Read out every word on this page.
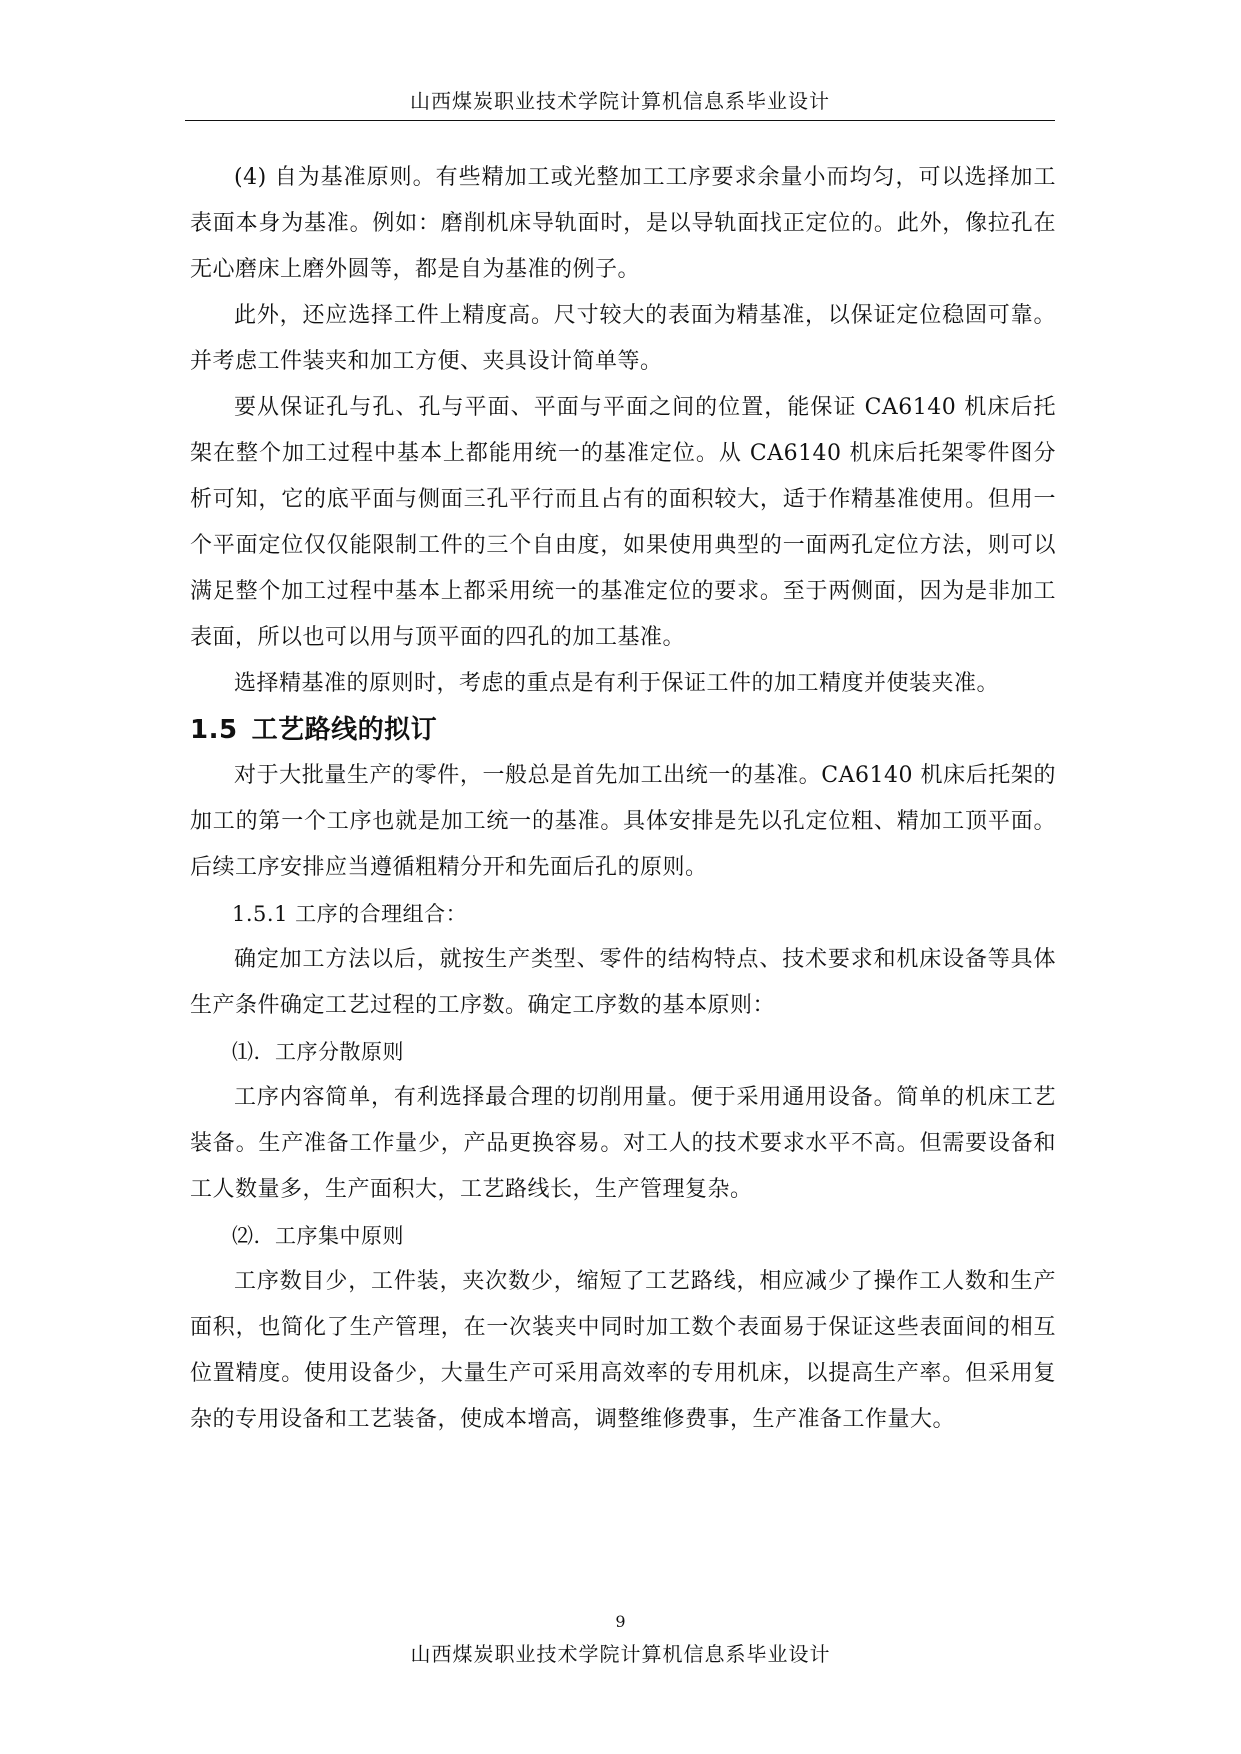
山西煤炭职业技术学院计算机信息系毕业设计

(4) 自为基准原则。有些精加工或光整加工工序要求余量小而均匀，可以选择加工表面本身为基准。例如：磨削机床导轨面时，是以导轨面找正定位的。此外，像拉孔在无心磨床上磨外圆等，都是自为基准的例子。

此外，还应选择工件上精度高。尺寸较大的表面为精基准，以保证定位稳固可靠。并考虑工件装夹和加工方便、夹具设计简单等。

要从保证孔与孔、孔与平面、平面与平面之间的位置，能保证 CA6140 机床后托架在整个加工过程中基本上都能用统一的基准定位。从 CA6140 机床后托架零件图分析可知，它的底平面与侧面三孔平行而且占有的面积较大，适于作精基准使用。但用一个平面定位仅仅能限制工件的三个自由度，如果使用典型的一面两孔定位方法，则可以满足整个加工过程中基本上都采用统一的基准定位的要求。至于两侧面，因为是非加工表面，所以也可以用与顶平面的四孔的加工基准。

选择精基准的原则时，考虑的重点是有利于保证工件的加工精度并使装夹准。

1.5 工艺路线的拟订

对于大批量生产的零件，一般总是首先加工出统一的基准。CA6140 机床后托架的加工的第一个工序也就是加工统一的基准。具体安排是先以孔定位粗、精加工顶平面。后续工序安排应当遵循粗精分开和先面后孔的原则。

1.5.1 工序的合理组合：

确定加工方法以后，就按生产类型、零件的结构特点、技术要求和机床设备等具体生产条件确定工艺过程的工序数。确定工序数的基本原则：

⑴．工序分散原则

工序内容简单，有利选择最合理的切削用量。便于采用通用设备。简单的机床工艺装备。生产准备工作量少，产品更换容易。对工人的技术要求水平不高。但需要设备和工人数量多，生产面积大，工艺路线长，生产管理复杂。

⑵．工序集中原则

工序数目少，工件装，夹次数少，缩短了工艺路线，相应减少了操作工人数和生产面积，也简化了生产管理，在一次装夹中同时加工数个表面易于保证这些表面间的相互位置精度。使用设备少，大量生产可采用高效率的专用机床，以提高生产率。但采用复杂的专用设备和工艺装备，使成本增高，调整维修费事，生产准备工作量大。

9
山西煤炭职业技术学院计算机信息系毕业设计
